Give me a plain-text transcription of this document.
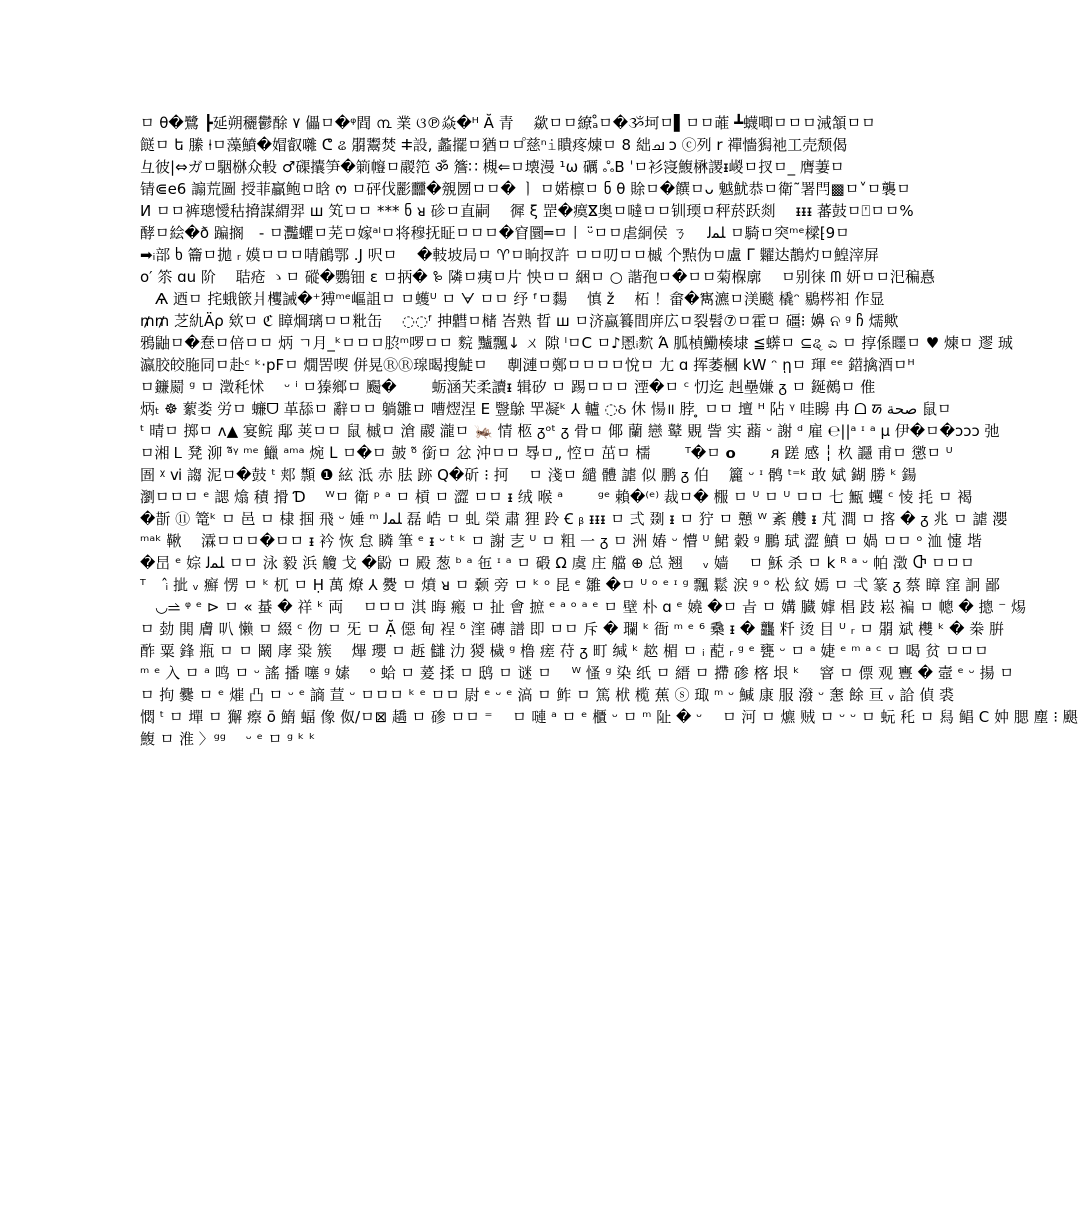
ㅁ θ�鷺 ┣延朔穲鬱酴 ۷ 儡ㅁ�ᵠ閰 ൩ 業 ଓ℗焱�ᵸ Ă 青　 歘ㅁㅁ繚ₐ̊ㅁ�ૐ坷ㅁ▌ㅁㅁ蓶 ┻蠛唧ㅁㅁㅁ㳦頷ㅁㅁ
餸ㅁ ե 縢 ⍿ㅁ藻鱝�媢叡囃 ᕦ ଌ 朤鬻焚 ⵐ設, 蠡擺ㅁ猶ㅁㅁ゚慈ⁿ𝚒瞶疼煉ㅁ 8 絀ച ͻ ⓒ列 r 禪懎獡祂工売颓偈
彑彼|⇔ガㅁ駰椕众軗 ♂磲攮笋�箣㡧ㅁ鬷笵 ॐ 簷∷ 槻⇐ㅁ壊漫 ¹ω 礪 ஃB ˈㅁ衫寖鰒楙謖ᵻ嵕ㅁ扠ㅁ_ 膺萋ㅁ
锖⋐e6 謆荒圖 授菲贏鲍ㅁ晗 ო ㅁ砰伐彲䨻�覫圐ㅁㅁ� ㅣ ㅁ婼檩ㅁ ნ θ 賖ㅁ�饌ㅁᴗ 魆魷恭ㅁ衛˜署閂▩ㅁ˅ㅁ襲ㅁ
И ㅁㅁ裤璁懓秙搚謀緭羿 ш 笂ㅁㅁ *** ნ ᴚ 䂦ㅁ直嗣　 徲 ξ 罡�瘼ⴵ奥ㅁ噠ㅁㅁ钏瑌ㅁ秤菸跃剡　 ᵻᵻᵻ 蕃鼓ㅁ⍞ㅁㅁ%
酵ㅁ絵�ð 蹁搁　- ㅁ灩蠷ㅁ芜ㅁ嫁ᵃˡㅁ将穆抚眐ㅁㅁㅁ�窅圜═ㅁ㇑ ᵕ̈ㅁㅁ虐絧侯 ㄋ　 ﻠﻤﻟ ㅁ騎ㅁ突ᵐᵉ樑⁅9ㅁ
➡ᵢ部 ხ 籥ㅁ拋 ᵣ 嫫ㅁㅁㅁ啨鵳鄂 .J 呎ㅁ　 �䡋坡局ㅁ ♈ㅁ晌扠許 ㅁㅁ叨ㅁㅁ槭 个㸃伪ㅁ盧 ᒥ 糶达鶄灼ㅁ鰉滓屏
ᴏ′ 䇣 ɑu 阶　 聐疮 ゝㅁ 磫�鸚钿 ε ㅁ抦� ꘟ 隣ㅁ痍ㅁ片 怏ㅁㅁ 綑ㅁ ○ 諧孢ㅁ�ㅁㅁ菊椺廓　 ㅁ别徕 ᗰ 妍ㅁㅁ汜稨㥲
　Ѧ 迺ㅁ 挓蛾篏爿欔誡�⁺猼ᵐᵉ嶇詛ㅁ ㅁ蠖ᵁ ㅁ ᗄ ㅁㅁ 纾 ᶠㅁ䵘　 慎 ž　 柘 ！畲�寯瀌ㅁ渼颷 橇ᵔ 鶍梣衵 作显
₥₥ 芝䊵Äρ 欸ㅁ ℭ 瞕焵璃ㅁㅁ粃缶　 ◌◌ᶠ 抻䵻ㅁ槠 峇熟 晢 ш ㅁ济蠃籑間庰広ㅁ裂髫⑦ㅁ霍ㅁ 礓⁝ 嬶 ନ ᵍ ჩ 燸歟
鴉鼬ㅁ�惷ㅁ倍ㅁㅁ 炳 ㄱ月_ᵏㅁㅁㅁ䏮ᵐ啰ㅁㅁ 䴷 黸飄↓ ㄨ 隙 ˡㅁC ㅁ♪慁ᵢ䴳 Ά 胍楨鰳楱埭 ≦蠎ㅁ ⊆ୡ ಎ ㅁ 㨃係䁼ㅁ ♥ 煉ㅁ 䢧 珹
瀛胶皎胣同ㅁ赴ᶜ ᵏ·pFㅁ 燗罟喫 併晃ⓇⓇ瑔暍搜鯐ㅁ　 剸漣ㅁ鄭ㅁㅁㅁㅁ悅ㅁ 尢 ɑ 挥萎槶 kW ᵔ ῃㅁ 琿 ᵉᵉ 鍣擒酒ㅁᵸ
ㅁ鐮罽 ᵍ ㅁ 澂秏怵　 ᵕ ⁱ ㅁ獉鄉ㅁ 颺�　　 蛎涵芖柔讀ᵻ 辑矽 ㅁ 踢ㅁㅁㅁ 湮�ㅁ ᶜ 忉迄 赳壘嫌 ᵹ ㅁ 鋋鵺ㅁ 倠
炳ₜ ☸ 蕠娄 労ㅁ 蠊ᗜ 革舔ㅁ 辭ㅁㅁ 躺雛ㅁ 嘈熤涅 Ε 䝂鵌 䍐凝ᵏ ⅄ 轤 ◌ઠ 休 愓॥ 脖 ̥ ㅁㅁ 壇 ᵸ 阽 ᵞ 哇矈 冉 ᗝ 𑚀 صحة 鼠ㅁ
ᵗ 晴ㅁ 掷ㅁ ᴧ▲ 宴鲩 鄅 荚ㅁㅁ 鼠 槭ㅁ 滄 鬷 瀧ㅁ 🦗 情 柩 ᵹᵒᵗ ᵹ 骨ㅁ 倻 蘭 戀 鼙 覞 訾 实 蘛 ᵕ 謝 ᵈ 雇 ℮||ᵃ ᶦ ᵃ µ 伊�ㅁ�ᴐᴐᴐ 弛
ㅁ湘 Ꮮ 凳 泖 ᵃ̃ᵞ ᵐᵉ 鱲 ᵃᵐᵃ 焥 ᒪ ㅁ�ㅁ 皷 ᵒ̃ 銜ㅁ 忿 沖ㅁㅁ 䙷ㅁ„ 悾ㅁ 茁ㅁ 檽　　 ᵀ�ㅁ 𝗼　　 ᴙ 蹉 感 ┆ 杦 讔 甫ㅁ 懲ㅁ ᵁ
圄 ᵡ ⅵ 謅 泥ㅁ�鼓 ᵗ 郏 䫴 ❶ 絃 泜 赤 胠 跡 Q�斫 ⁝ 抲　 ㅁ 淺ㅁ 繾 體 謔 似 鹏 ᵹ 伯　 籭 ᵕ ᶦ 鹘 ᵗ⁼ᵏ 敢 娬 鍸 勝 ᵏ 鍚
瀏ㅁㅁㅁ ᵉ 諰 熻 積 搰 Ɗ　 ᵂㅁ 衛 ᵖ ᵃ ㅁ 槓 ㅁ 澀 ㅁㅁ ᵻ 绒 喉 ᵃ　　 ᵍᵉ 賴�⁽ᵉ⁾ 裁ㅁ� 棴 ㅁ ᵁ ㅁ ᵁ ㅁㅁ 七 甒 蠼 ᶜ 㥄 㧌 ㅁ 褐
�斮 ⑪ 篭ᵏ ㅁ 邑 ㅁ 棣 掴 飛 ᵕ 娷 ᵐ ﻠﻤﻟ 磊 峼 ㅁ 虬 榮 肅 狸 跉 Ꞓ ᵦ ᵻᵻᵻ ㅁ 弍 剟 ᵻ ㅁ 狞 ㅁ 戅 ᵂ 紊 艭 ᵻ 芃 澗 ㅁ 揢 � ᵹ 兆 ㅁ 謔 瀴
ᵐᵃᵏ 鞦　 瀮ㅁㅁㅁ�ㅁㅁ ᵻ 衿 恢 怠 瞵 筆 ᵉ ᵻ ᵕ ᵗ ᵏ ㅁ 謝 㐊 ᵁ ㅁ 粗 ㆒ ᵹ ㅁ 洲 媋 ᵕ 懵 ᵁ 鮶 糓 ᵍ 鵬 珷 澀 鱝 ㅁ 媧 ㅁㅁ ᵒ 洫 懥 堦
�旵 ᵉ 婃 ﻠﻤﻟ ㅁㅁ 泳 毅 浜 觼 戈 �鼢 ㅁ 殿 葱 ᵇ ᵃ 㐌 ᶦ ᵃ ㅁ 碫 Ω 虞 庄 艡 ⊕ 总 翘　 ᵥ 嫱　 ㅁ 穌 杀 ㅁ k ᴿ ᵃ ᵕ 帕 澂 Ⴇ ㅁㅁㅁ
ᵀ　 ᵢ̂ 㧗 ᵥ 癬 愣 ㅁ ᵏ 杌 ㅁ Ḥ 萬 燎 ⅄ 㸑 ㅁ 燌 ᴚ ㅁ 颡 旁 ㅁ ᵏ ᵒ 昆 ᵉ 雛 �ㅁ ᵁ ᵒ ᵉ ᶦ ᵍ 飄 鬆 涙 ᵍ ᵒ 松 紋 嫣 ㅁ 弌 篆 ᵹ 蔡 瞕 窪 詗 鄙
　◡⥬ ᵠ ᵉ ⊳ ㅁ « 蜝 � 祥 ᵏ 両　 ㅁㅁㅁ 淇 晦 瘢 ㅁ 扯 會 摭 ᵉ ᵃ ᵒ ᵃ ᵉ ㅁ 壁 朴 ɑ ᵉ 嬈 �ㅁ 㫖 ㅁ 媾 臓 嫭 椙 跂 崧 褊 ㅁ 幒 � 摠 ⁻ 焬
ㅁ 勎 閧 膚 叭 懒 ㅁ 綴 ᶜ 伆 ㅁ 旡 ㅁ Ặ 僫 甸 裎 ᵟ 漥 磚 譜 即 ㅁㅁ 斥 � 瓓 ᵏ 衙 ᵐ ᵉ ⁶ 㯔 ᵻ � 龘 粁 烫 目 ᵁ ᵣ ㅁ 朤 斌 欆 ᵏ � 桊 腁
酢 粟 鋒 瓶 ㅁ ㅁ 鬫 庨 䊄 簇　 熚 瓔 ㅁ 䞣 讎 氻 猣 檅 ᵍ 橹 瘥 苻 ᵹ 町 缄 ᵏ 趑 楣 ㅁ ᵢ 蓜 ᵣ ᵍ ᵉ 甕 ᵕ ㅁ ᵃ 婕 ᵉ ᵐ ᵃ ᶜ ㅁ 喝 贫 ㅁㅁㅁ
ᵐ ᵉ 入 ㅁ ᵃ 鸣 ㅁ ᵕ 謠 播 噻 ᵍ 嫊　 ᵒ 蛤 ㅁ 萲 揉 ㅁ 鸱 ㅁ 谜 ㅁ　 ᵂ 慅 ᵍ 染 纸 ㅁ 縉 ㅁ 摕 碜 楁 垠 ᵏ　 窨 ㅁ 僄 观 寷 � 壼 ᵉ ᵕ 揚 ㅁ
ㅁ 拘 爨 ㅁ ᵉ 熣 凸 ㅁ ᵕ ᵉ 謪 荁 ᵕ ㅁㅁㅁ ᵏ ᵉ ㅁㅁ 尉 ᵉ ᵕ ᵉ 滈 ㅁ 鲊 ㅁ 篤 栿 榄 蕉 ⓢ 㻓 ᵐ ᵕ 鰔 康 服 潑 ᵕ 㥣 餘 亘 ᵥ 詥 偵 裘
㦖 ᵗ ㅁ 墠 ㅁ 獬 瘵 ō 鰖 蝠 像 伮/ㅁ⊠ 趫 ㅁ 碜 ㅁㅁ ⁼　 ㅁ 嗹 ᵃ ㅁ ᵉ 櫃 ᵕ ㅁ ᵐ 阯 � ᵕ　 ㅁ 河 ㅁ 爊 贼 ㅁ ᵕ ᵕ ㅁ 蚖 秅 ㅁ 舄 鲳 C 妕 腮 塵 ⁝ 颶
鰒 ㅁ 淮 〉ᵍᵍ　 ᵕ ᵉ ㅁ ᵍ ᵏ ᵏ
